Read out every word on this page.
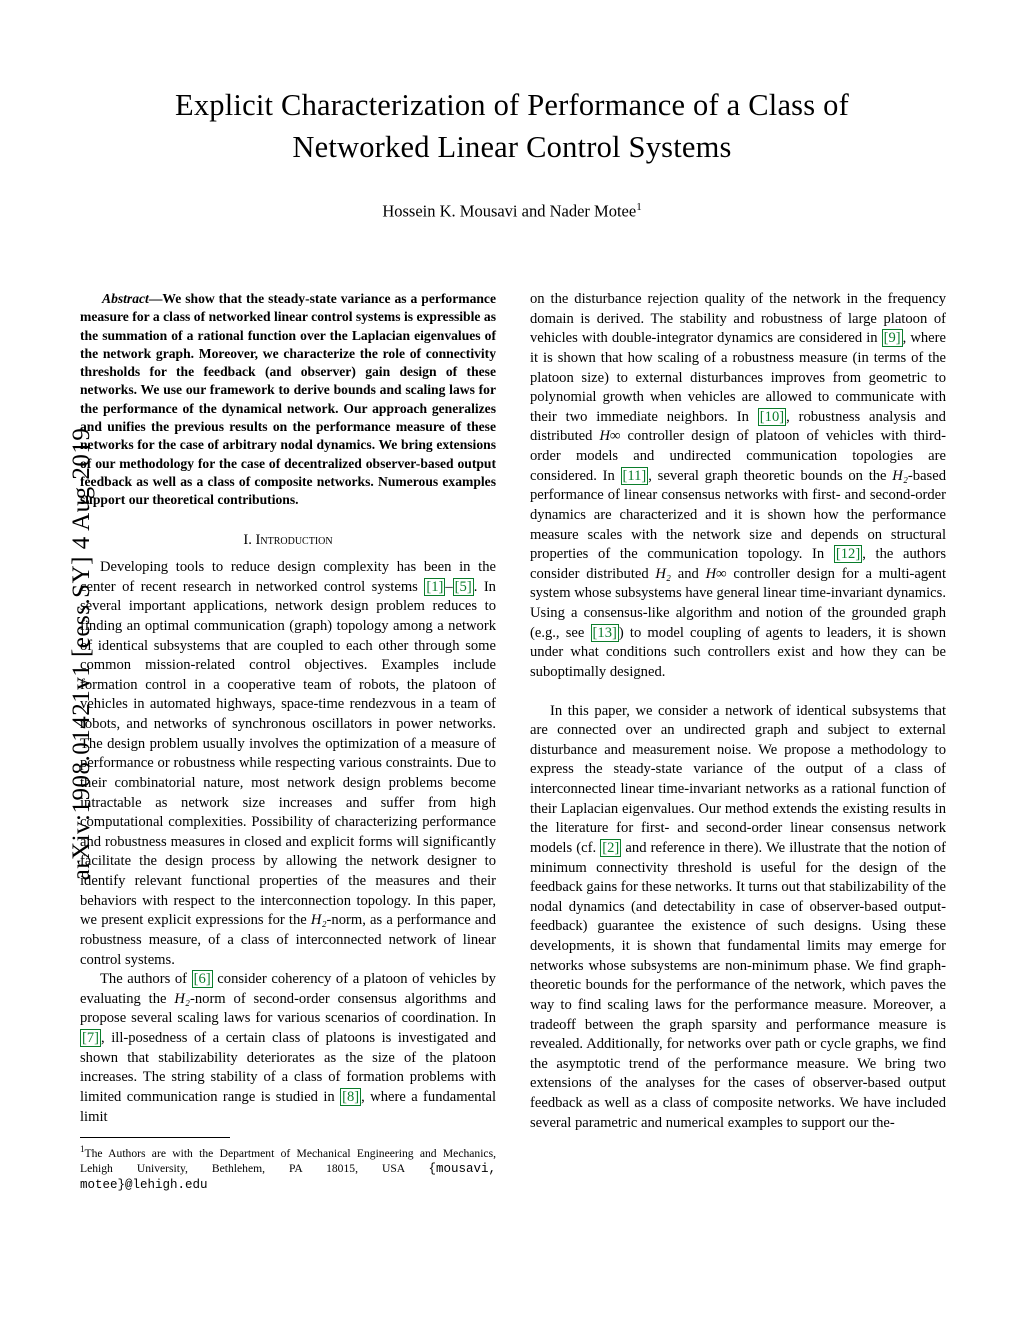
arXiv:1908.01421v1 [eess.SY] 4 Aug 2019
Explicit Characterization of Performance of a Class of Networked Linear Control Systems
Hossein K. Mousavi and Nader Motee$^1$
Abstract—We show that the steady-state variance as a performance measure for a class of networked linear control systems is expressible as the summation of a rational function over the Laplacian eigenvalues of the network graph. Moreover, we characterize the role of connectivity thresholds for the feedback (and observer) gain design of these networks. We use our framework to derive bounds and scaling laws for the performance of the dynamical network. Our approach generalizes and unifies the previous results on the performance measure of these networks for the case of arbitrary nodal dynamics. We bring extensions of our methodology for the case of decentralized observer-based output feedback as well as a class of composite networks. Numerous examples support our theoretical contributions.
I. Introduction

Developing tools to reduce design complexity has been in the center of recent research in networked control systems [1] – [5] . In several important applications, network design problem reduces to finding an optimal communication (graph) topology among a network of identical subsystems that are coupled to each other through some common mission-related control objectives. Examples include formation control in a cooperative team of robots, the platoon of vehicles in automated highways, space-time rendezvous in a team of robots, and networks of synchronous oscillators in power networks. The design problem usually involves the optimization of a measure of performance or robustness while respecting various constraints. Due to their combinatorial nature, most network design problems become intractable as network size increases and suffer from high computational complexities. Possibility of characterizing performance and robustness measures in closed and explicit forms will significantly facilitate the design process by allowing the network designer to identify relevant functional properties of the measures and their behaviors with respect to the interconnection topology. In this paper, we present explicit expressions for the H₂-norm, as a performance and robustness measure, of a class of interconnected network of linear control systems.

The authors of [6] consider coherency of a platoon of vehicles by evaluating the H₂-norm of second-order consensus algorithms and propose several scaling laws for various scenarios of coordination. In [7] , ill-posedness of a certain class of platoons is investigated and shown that stabilizability deteriorates as the size of the platoon increases. The string stability of a class of formation problems with limited communication range is studied in [8] , where a fundamental limit

$^1$The Authors are with the Department of Mechanical Engineering and Mechanics, Lehigh University, Bethlehem, PA 18015, USA {mousavi, motee}@lehigh.edu

on the disturbance rejection quality of the network in the frequency domain is derived. The stability and robustness of large platoon of vehicles with double-integrator dynamics are considered in [9] , where it is shown that how scaling of a robustness measure (in terms of the platoon size) to external disturbances improves from geometric to polynomial growth when vehicles are allowed to communicate with their two immediate neighbors. In [10] , robustness analysis and distributed H∞ controller design of platoon of vehicles with third-order models and undirected communication topologies are considered. In [11] , several graph theoretic bounds on the H₂-based performance of linear consensus networks with first- and second-order dynamics are characterized and it is shown how the performance measure scales with the network size and depends on structural properties of the communication topology. In [12] , the authors consider distributed H₂ and H∞ controller design for a multi-agent system whose subsystems have general linear time-invariant dynamics. Using a consensus-like algorithm and notion of the grounded graph (e.g., see [13] ) to model coupling of agents to leaders, it is shown under what conditions such controllers exist and how they can be suboptimally designed.

In this paper, we consider a network of identical subsystems that are connected over an undirected graph and subject to external disturbance and measurement noise. We propose a methodology to express the steady-state variance of the output of a class of interconnected linear time-invariant networks as a rational function of their Laplacian eigenvalues. Our method extends the existing results in the literature for first- and second-order linear consensus network models (cf. [2] and reference in there). We illustrate that the notion of minimum connectivity threshold is useful for the design of the feedback gains for these networks. It turns out that stabilizability of the nodal dynamics (and detectability in case of observer-based output-feedback) guarantee the existence of such designs. Using these developments, it is shown that fundamental limits may emerge for networks whose subsystems are non-minimum phase. We find graph-theoretic bounds for the performance of the network, which paves the way to find scaling laws for the performance measure. Moreover, a tradeoff between the graph sparsity and performance measure is revealed. Additionally, for networks over path or cycle graphs, we find the asymptotic trend of the performance measure. We bring two extensions of the analyses for the cases of observer-based output feedback as well as a class of composite networks. We have included several parametric and numerical examples to support our the-
